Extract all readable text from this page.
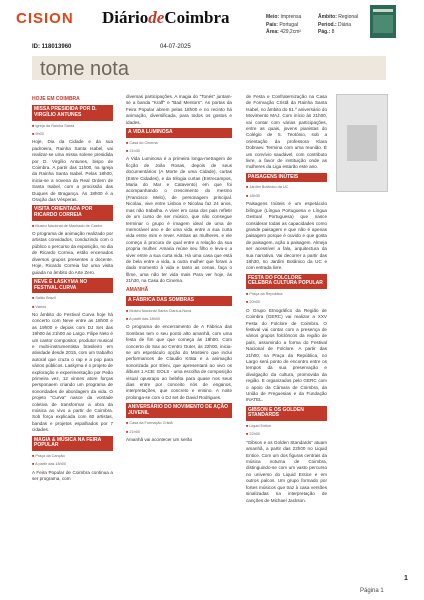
CISION DiáriodeCoimbra	Meio: Imprensa
País: Portugal
Área: 429,2cm²
Âmbito: Regional
Period.: Diária
Pág.: 8
ID: 118013960	04-07-2025
tome nota
HOJE EM COIMBRA
MISSA PRESIDIDA POR D. VIRGÍLIO ANTUNES
■ Igreja da Rainha Santa
■ 9h00
Hoje, Dia da Cidade e da sua padroeira, Rainha Santa Isabel, vai realizar-se uma missa solene presidida por D. Virgílio Antunes, bispo de Coimbra. A partir das 11h00, na Igreja da Rainha Santa Isabel. Pelas 18h00, inicia-se a novena da Real Ordem de Santa Isabel, com a procissão das Duques de Bragança. Às 18h00 é a Oração das Vésperas.
VISITA ORIENTADA POR RICARDO CORREIA
■ Museu Nacional de Machado de Castro
O programa de animação realizado por artistas convidados, conduzindo com o público o percurso da exposição, no dia de Ricardo Correia, estão encenados diversos grupos presentes a docente. Hoje, Ricardo Correia faz uma visita guiada no âmbito do Arte Zero.
NEVE E LASKYMA NO FESTIVAL CURVA
■ Salão Brazil
■ Vários
No âmbito do Festival Curva hoje há concerto com Neve entre as 18h00 e as 19h00 e depois com DJ Set das 19h00 às 21h00 ao Largo. Filipe Neto é um cantor compositor, produtor musical e multi-instrumentista brasileiro em atividade desde 2015, com um trabalho autoral que cruza o rap e a pop para vários públicos. Laskyma é o projeto de exploração e experimentação por Peão primeira vez, 12 vinnes atore forças persponaem criando um programa de sonoridades de abordagem da vida. O projeto "Curva" nasce da vontade coletiva de transformar a obra da música ao vivo a partir de Coimbra. Sob força explicada com 60 artistas, bandas e projetos espalhados por 7 cidades.
MAGIA & MÚSICA NA FEIRA POPULAR
■ Praça da Canção
■ A partir das 18h00
A Feira Popular de Coimbra continua a ser programa, com
diversas participações. A magia do "Tonés" juntam-se a banda "Kraff" e "Bad Mentors". As portas da Feira Popular abrem pelas 18h00 e no recinto há animação, diversificada, para todos os gostos e idades.
A VIDA LUMINOSA
■ Casa do Cinema
■ 21h30
A Vida Luminosa é a primeira longa-metragem de ficção de João Rosas, depois de seus documentários (A Morte de uma Cidade), curtas (Entre Cidades), e da trilogia curtas (Entrecampos, Maria do Mar e Catavento) em que foi acompanhando o crescimento do mesmo (Francisco Melo), de personagem principal. Nicolau, vive entre Lisboa e Nicolau faz 24 anos, mas não trabalha. A viver em casa dos pais refletir de um curso de ser músico, que não consegue terminar o grupo é imagem ideal de uma de memorável ano e de uma vida entre a sua curta vida entre mim e rever. Ambas as mulheres, e ele começa à procura de qual entre a relação da sua propria mulher. Amaria reúne seu filho e leva-o a viver entre a sua curta vida. Há uma casa que está de bela entre a vida, a outra mulher que foram a dado momento à vida e tanto as cenas, faça o filme, uma não ter vida mais Para ver hoje, às 21h30, na Casa do Cinema.
AMANHÃ
A FÁBRICA DAS SOMBRAS
■ Museu Nacional Santa Clara-a-Nova
■ A partir das 18h00
O programa de encerramento de A Fábrica das Sombras tem o seu ponto alto amanhã, com uma festa de fim que que começa às 18h00. Com concerto do Sax ao Centro Outer, às 22h00, inicia-se um espetáculo opção do Mosteiro que inclui performances de Claudio Kräta e a animação sonorizada por Eleni, que apresentará ao vivo os álbuns 1 ACB: GOLS - uma escolha de composição visual opusrapo ao bebêta para quase nos seus dias entre por conceito nós de enganos, interpretações, que concreto e ensino. A noite prolonga-se com o DJ set de David Rodrigues.
ANIVERSÁRIO DO MOVIMENTO DE AÇÃO JUVENIL
■ Casa da Formação Cristã
■ 21h00
Amanhã vai acontecer um serão
de Festa e Confraternização na Casa de Formação Cristã da Rainha Santa Isabel, no âmbito do 51.º aniversário do Movimento MAJ. Com início às 21h00, vai contar com várias participações, entre as quais, jovens pianistas do Colégio de S. Teotónio, sob a orientação da professora Klara Dobraev. Termina com uma reunião. É um convívio saudável, com contributo livre, a favor de instituição onde as mulheres da Liga estarão este ano.
PAISAGENS INÚTEIS
■ Jardim Botânico da UC
■ 18h30
Paisagens Inúteis é um espetáculo bilíngue (Língua Portuguesa e Língua Gestual Portuguesa) que nasce considerar todas as capacidades como grande paisagem e que não é apenas paisagem porque é ouvido e que gosta de paisagem, ação a paisagem. Almeja ser acessível a fala, arquitectura da sua narrativa. Vai decorrer a partir das 18h30, no Jardim Botânico da UC e com entrada livre.
FESTA DO FOLCLORE CELEBRA CULTURA POPULAR
■ Praça da República
■ 20h00
O Grupo Etnográfico da Região de Coimbra (GERC) vai realizar a XXV Festa do Folclore de Coimbra. O festival vai contar com a presença de vários grupos folclóricos da região de país, assumindo a forma do Festival Nacional de Folclore. A partir das 21h00, na Praça da República, no Largo será ponto de encontro entre os tempos da sua preservação e divulgação da cultura, promovida da região. E organizados pelo GERC com o apoio da Câmara de Coimbra, da União de Freguesias e da Fundação INATEL.
GIBSON E OS GOLDEN STANDARDS
■ Liquid Entice
■ 22h00
"Gibson e os Golden Standards" atuam amanhã, a partir das 22h00 no Liquid Entice. Com um dos figuras centrais da música noturna de Coimbra, distinguindo-se com um vasto percurso no universo do Liquid Entice e em outros palcos. Um grupo formado por fortes músicos que traz à casa versões sinalizadas na interpretação de canções de Michael Jackson.
1
Página 1
